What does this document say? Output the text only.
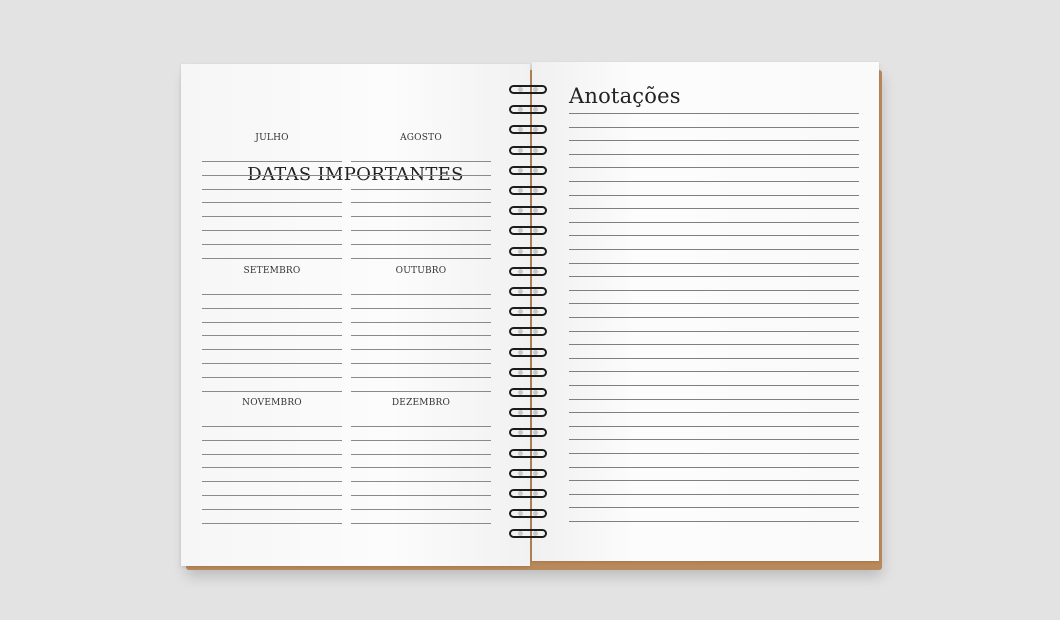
DATAS IMPORTANTES
JULHO	AGOSTO
SETEMBRO	OUTUBRO
NOVEMBRO	DEZEMBRO
Anotações
